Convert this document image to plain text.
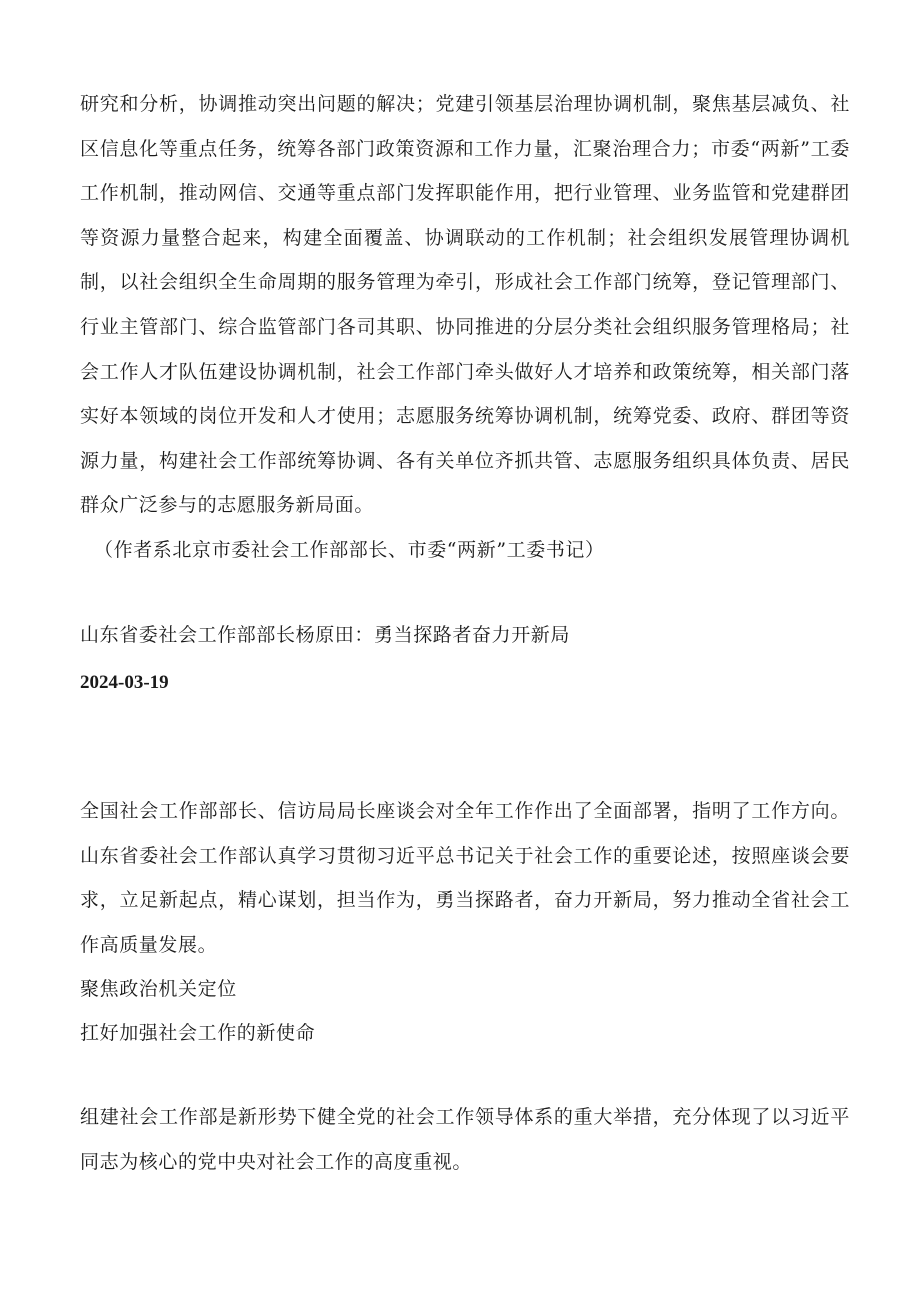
研究和分析，协调推动突出问题的解决；党建引领基层治理协调机制，聚焦基层减负、社区信息化等重点任务，统筹各部门政策资源和工作力量，汇聚治理合力；市委“两新”工委工作机制，推动网信、交通等重点部门发挥职能作用，把行业管理、业务监管和党建群团等资源力量整合起来，构建全面覆盖、协调联动的工作机制；社会组织发展管理协调机制，以社会组织全生命周期的服务管理为牵引，形成社会工作部门统筹，登记管理部门、行业主管部门、综合监管部门各司其职、协同推进的分层分类社会组织服务管理格局；社会工作人才队伍建设协调机制，社会工作部门牵头做好人才培养和政策统筹，相关部门落实好本领域的岗位开发和人才使用；志愿服务统筹协调机制，统筹党委、政府、群团等资源力量，构建社会工作部统筹协调、各有关单位齐抓共管、志愿服务组织具体负责、居民群众广泛参与的志愿服务新局面。

（作者系北京市委社会工作部部长、市委“两新”工委书记）

山东省委社会工作部部长杨原田：勇当探路者奋力开新局

2024-03-19

全国社会工作部部长、信访局局长座谈会对全年工作作出了全面部署，指明了工作方向。山东省委社会工作部认真学习贯彻习近平总书记关于社会工作的重要论述，按照座谈会要求，立足新起点，精心谋划，担当作为，勇当探路者，奋力开新局，努力推动全省社会工作高质量发展。

聚焦政治机关定位

扛好加强社会工作的新使命

组建社会工作部是新形势下健全党的社会工作领导体系的重大举措，充分体现了以习近平同志为核心的党中央对社会工作的高度重视。
